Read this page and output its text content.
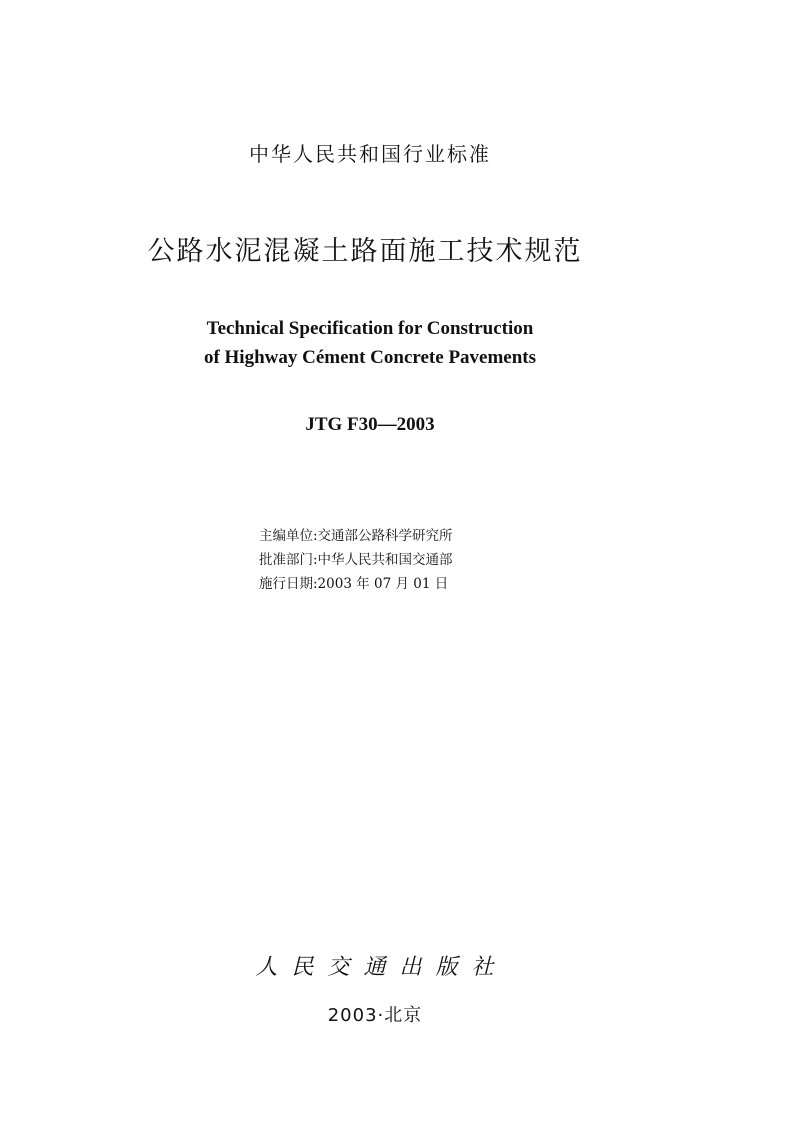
中华人民共和国行业标准
公路水泥混凝土路面施工技术规范
Technical Specification for Construction
of Highway Cément Concrete Pavements
JTG F30—2003
主编单位:交通部公路科学研究所
批准部门:中华人民共和国交通部
施行日期:2003 年 07 月 01 日
人民交通出版社
2003·北京
